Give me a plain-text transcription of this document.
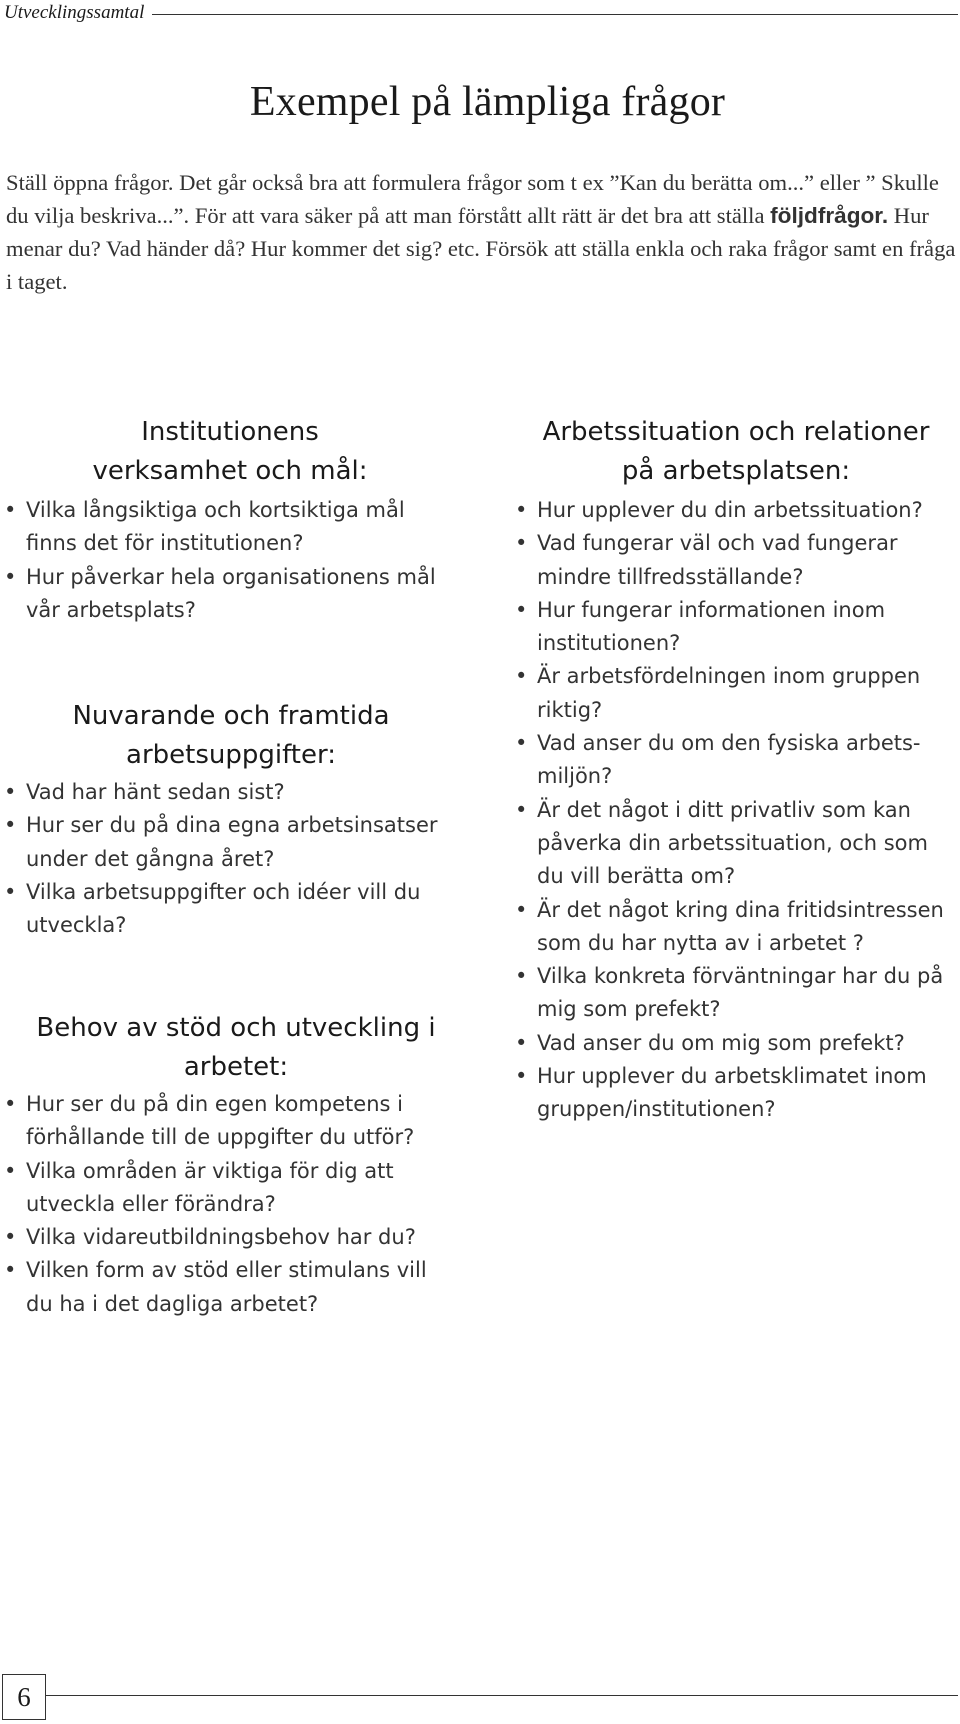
Utvecklingssamtal
Exempel på lämpliga frågor

Ställ öppna frågor. Det går också bra att formulera frågor som t ex ”Kan du berätta om...” eller ” Skulle du vilja beskriva...”. För att vara säker på att man förstått allt rätt är det bra att ställa följdfrågor. Hur menar du? Vad händer då? Hur kommer det sig? etc. Försök att ställa enkla och raka frågor samt en fråga i taget.

Institutionens verksamhet och mål:
• Vilka långsiktiga och kortsiktiga mål finns det för institutionen?
• Hur påverkar hela organisationens mål vår arbetsplats?
Nuvarande och framtida arbetsuppgifter:
• Vad har hänt sedan sist?
• Hur ser du på dina egna arbetsinsatser under det gångna året?
• Vilka arbetsuppgifter och idéer vill du utveckla?
Behov av stöd och utveckling i arbetet:
• Hur ser du på din egen kompetens i förhållande till de uppgifter du utför?
• Vilka områden är viktiga för dig att utveckla eller förändra?
• Vilka vidareutbildningsbehov har du?
• Vilken form av stöd eller stimulans vill du ha i det dagliga arbetet?
Arbetssituation och relationer på arbetsplatsen:
• Hur upplever du din arbetssituation?
• Vad fungerar väl och vad fungerar mindre tillfredsställande?
• Hur fungerar informationen inom institutionen?
• Är arbetsfördelningen inom gruppen riktig?
• Vad anser du om den fysiska arbets-miljön?
• Är det något i ditt privatliv som kan påverka din arbetssituation, och som du vill berätta om?
• Är det något kring dina fritidsintressen som du har nytta av i arbetet ?
• Vilka konkreta förväntningar har du på mig som prefekt?
• Vad anser du om mig som prefekt?
• Hur upplever du arbetsklimatet inom gruppen/institutionen?
6
